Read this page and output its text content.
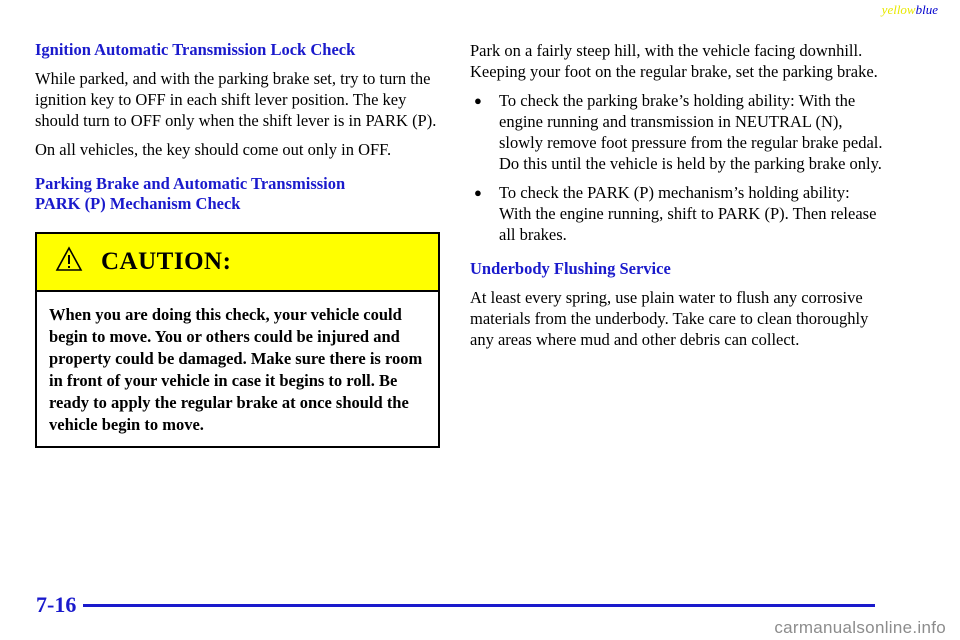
yellowblue
Ignition Automatic Transmission Lock Check

While parked, and with the parking brake set, try to turn the ignition key to OFF in each shift lever position. The key should turn to OFF only when the shift lever is in PARK (P).

On all vehicles, the key should come out only in OFF.

Parking Brake and Automatic Transmission
PARK (P) Mechanism Check
CAUTION:
When you are doing this check, your vehicle could begin to move. You or others could be injured and property could be damaged. Make sure there is room in front of your vehicle in case it begins to roll. Be ready to apply the regular brake at once should the vehicle begin to move.

Park on a fairly steep hill, with the vehicle facing downhill. Keeping your foot on the regular brake, set the parking brake.

●	To check the parking brake’s holding ability: With the engine running and transmission in NEUTRAL (N), slowly remove foot pressure from the regular brake pedal. Do this until the vehicle is held by the parking brake only.
●	To check the PARK (P) mechanism’s holding ability: With the engine running, shift to PARK (P). Then release all brakes.
Underbody Flushing Service

At least every spring, use plain water to flush any corrosive materials from the underbody. Take care to clean thoroughly any areas where mud and other debris can collect.

7-16
carmanualsonline.info
